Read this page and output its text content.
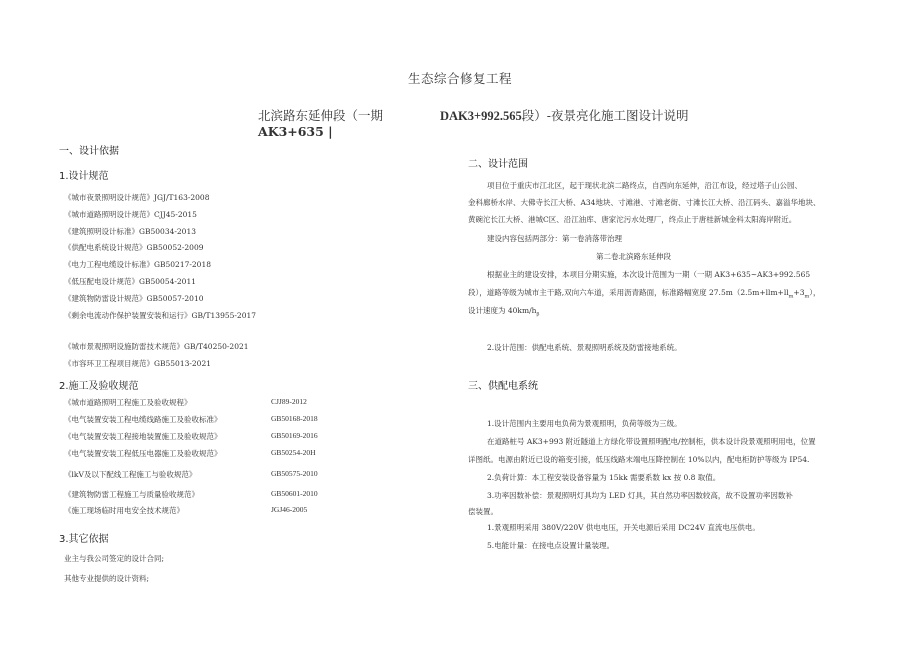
生态综合修复工程
北滨路东延伸段（一期	DAK3+992.565段）-夜景亮化施工图设计说明
AK3+635 |
一、设计依据
1.设计规范
《城市夜景照明设计规范》JGJ/T163-2008
《城市道路照明设计规范》CJJ45-2015
《建筑照明设计标准》GB50034-2013
《供配电系统设计规范》GB50052-2009
《电力工程电缆设计标准》GB50217-2018
《低压配电设计规范》GB50054-2011
《建筑物防雷设计规范》GB50057-2010
《剩余电流动作保护装置安装和运行》GB/T13955-2017
《城市景观照明设施防雷技术规范》GB/T40250-2021
《市容环卫工程项目规范》GB55013-2021
2.施工及验收规范
《城市道路照明工程施工及验收规程》	CJJ89-2012
《电气装置安装工程电缆线路施工及验收标准》	GB50168-2018
《电气装置安装工程接地装置施工及验收规范》	GB50169-2016
《电气装置安装工程低压电器施工及验收规范》	GB50254-20H
《lkV及以下配线工程施工与验收规范》	GB50575-2010
《建筑物防雷工程施工与质量验收规范》	GB50601-2010
《施工现场临时用电安全技术规范》	JGJ46-2005
3.其它依据
业主与我公司签定的设计合同;
其他专业提供的设计资料;
二、设计范围
项目位于重庆市江北区，起于现状北滨二路终点，自西向东延伸，沿江布设，经过塔子山公园、
金科廊桥水岸、大佛寺长江大桥、A34地块、寸滩港、寸滩老街、寸滩长江大桥、沿江码头、嘉溢华地块、
黄碗沱长江大桥、港城C区、沿江油库、唐家沱污水处理厂，终点止于唐桂新城金科太阳海岸附近。
建设内容包括两部分：第一卷消落带治理
第二卷北滨路东延伸段
根据业主的建设安排，本项目分期实施，本次设计范围为一期（一期 AK3+635~AK3+992.565
段），道路等级为城市主干路,双向六车道，采用沥青路面，标准路幅宽度 $27.5m(2.5m+llm+ll_m+3_m)$，
设计速度为 $40km/h_\beta$
2.设计范围：供配电系统、景观照明系统及防雷接地系统。
三、供配电系统
1.设计范围内主要用电负荷为景观照明，负荷等级为三级。
在道路桩号 AK3+993 附近隧道上方绿化带设置照明配电/控制柜，供本设计段景观照明用电，位置
详图纸。电源由附近已设的箱变引接，低压线路末端电压降控制在 10%以内，配电柜防护等级为 IP54.
2.负荷计算：本工程安装设备容量为 15kk 需要系数 kx 按 0.8 取值。
3.功率因数补偿：景观照明灯具均为 LED 灯具，其自然功率因数较高，故不设置功率因数补
偿装置。
1.景观照明采用 380V/220V 供电电压，开关电源后采用 DC24V 直流电压供电。
5.电能计量：在接电点设置计量装理。
